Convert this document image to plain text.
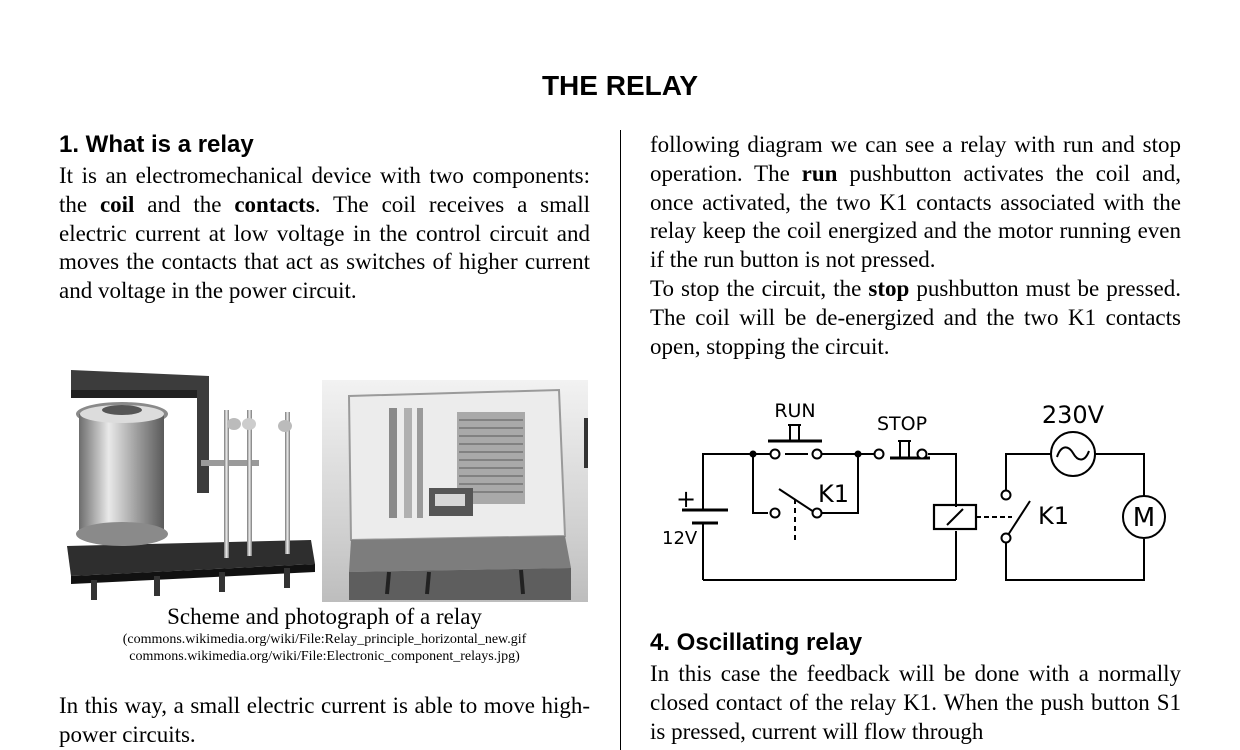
THE RELAY
1. What is a relay

It is an electromechanical device with two components: the coil and the contacts. The coil receives a small electric current at low voltage in the control circuit and moves the contacts that act as switches of higher current and voltage in the power circuit.

Scheme and photograph of a relay
(commons.wikimedia.org/wiki/File:Relay_principle_horizontal_new.gif
commons.wikimedia.org/wiki/File:Electronic_component_relays.jpg)

In this way, a small electric current is able to move high-power circuits.

following diagram we can see a relay with run and stop operation. The run pushbutton activates the coil and, once activated, the two K1 contacts associated with the relay keep the coil energized and the motor running even if the run button is not pressed.

To stop the circuit, the stop pushbutton must be pressed. The coil will be de-energized and the two K1 contacts open, stopping the circuit.

RUN
STOP	230V
+
12V
K1
K1 M
4. Oscillating relay

In this case the feedback will be done with a normally closed contact of the relay K1. When the push button S1 is pressed, current will flow through
